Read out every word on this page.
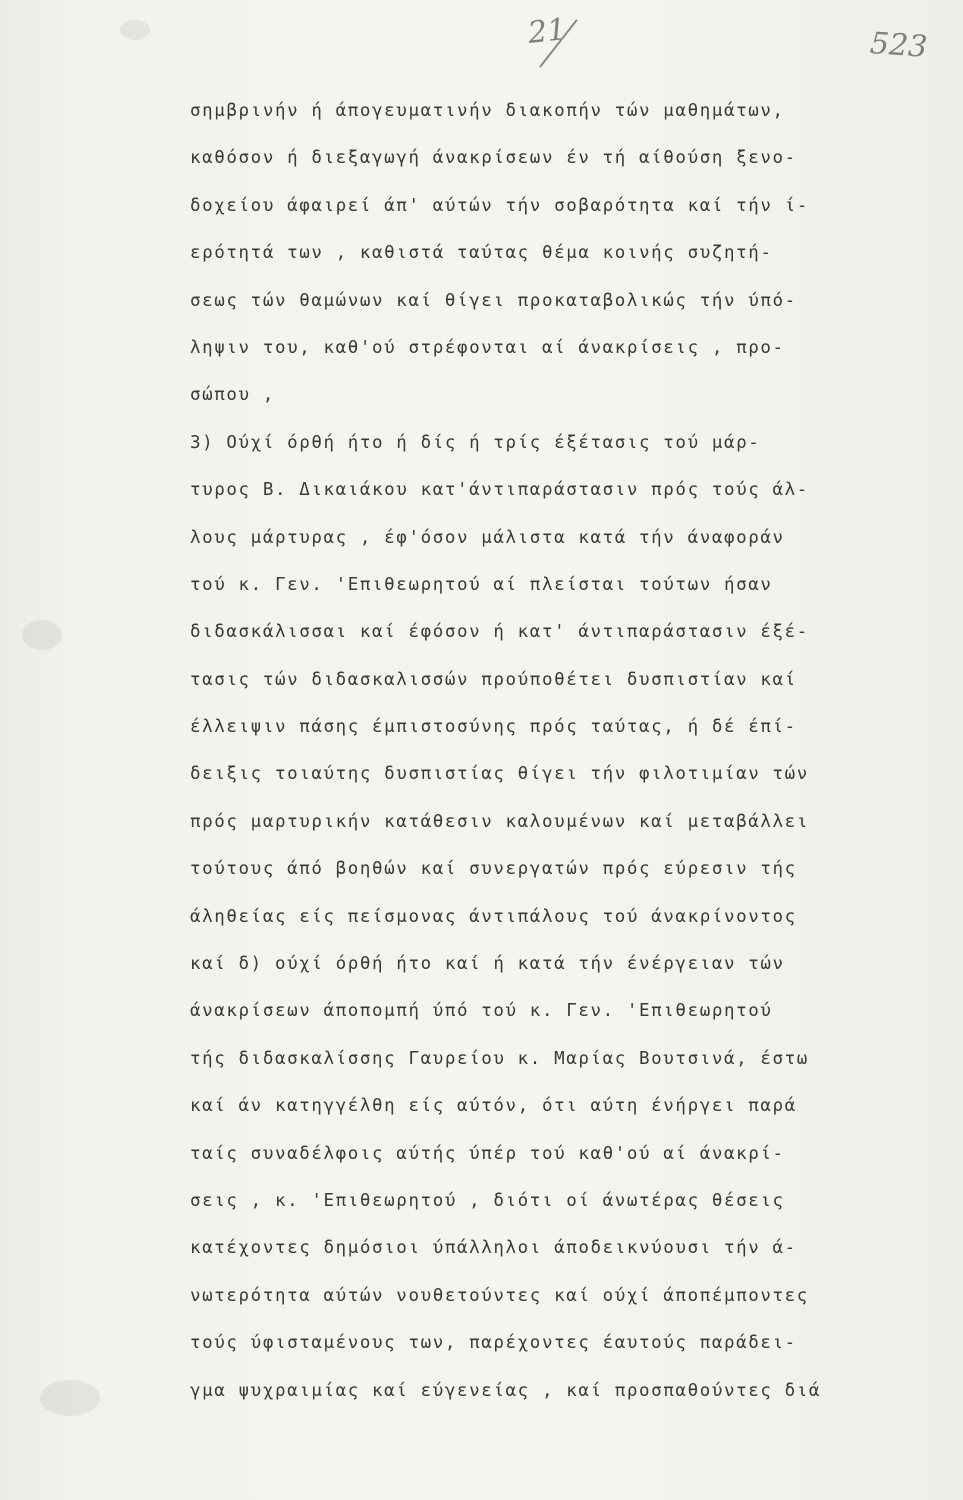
21	523
σημβρινήν ή άπογευματινήν διακοπήν τών μαθημάτων,
καθόσον ή διεξαγωγή άνακρίσεων έν τή αίθούση ξενο-
δοχείου άφαιρεί άπ' αύτών τήν σοβαρότητα καί τήν ί-
ερότητά των , καθιστά ταύτας θέμα κοινής συζητή-
σεως τών θαμώνων καί θίγει προκαταβολικώς τήν ύπό-
ληψιν του, καθ'ού στρέφονται αί άνακρίσεις , προ-
σώπου ,
3) Ούχί όρθή ήτο ή δίς ή τρίς έξέτασις τού μάρ-
τυρος Β. Δικαιάκου κατ'άντιπαράστασιν πρός τούς άλ-
λους μάρτυρας , έφ'όσον μάλιστα κατά τήν άναφοράν
τού κ. Γεν. 'Επιθεωρητού αί πλείσται τούτων ήσαν
διδασκάλισσαι καί έφόσον ή κατ' άντιπαράστασιν έξέ-
τασις τών διδασκαλισσών προύποθέτει δυσπιστίαν καί
έλλειψιν πάσης έμπιστοσύνης πρός ταύτας, ή δέ έπί-
δειξις τοιαύτης δυσπιστίας θίγει τήν φιλοτιμίαν τών
πρός μαρτυρικήν κατάθεσιν καλουμένων καί μεταβάλλει
τούτους άπό βοηθών καί συνεργατών πρός εύρεσιν τής
άληθείας είς πείσμονας άντιπάλους τού άνακρίνοντος
καί δ) ούχί όρθή ήτο καί ή κατά τήν ένέργειαν τών
άνακρίσεων άποπομπή ύπό τού κ. Γεν. 'Επιθεωρητού
τής διδασκαλίσσης Γαυρείου κ. Μαρίας Βουτσινά, έστω
καί άν κατηγγέλθη είς αύτόν, ότι αύτη ένήργει παρά
ταίς συναδέλφοις αύτής ύπέρ τού καθ'ού αί άνακρί-
σεις , κ. 'Επιθεωρητού , διότι οί άνωτέρας θέσεις
κατέχοντες δημόσιοι ύπάλληλοι άποδεικνύουσι τήν ά-
νωτερότητα αύτών νουθετούντες καί ούχί άποπέμποντες
τούς ύφισταμένους των, παρέχοντες έαυτούς παράδει-
γμα ψυχραιμίας καί εύγενείας , καί προσπαθούντες διά
